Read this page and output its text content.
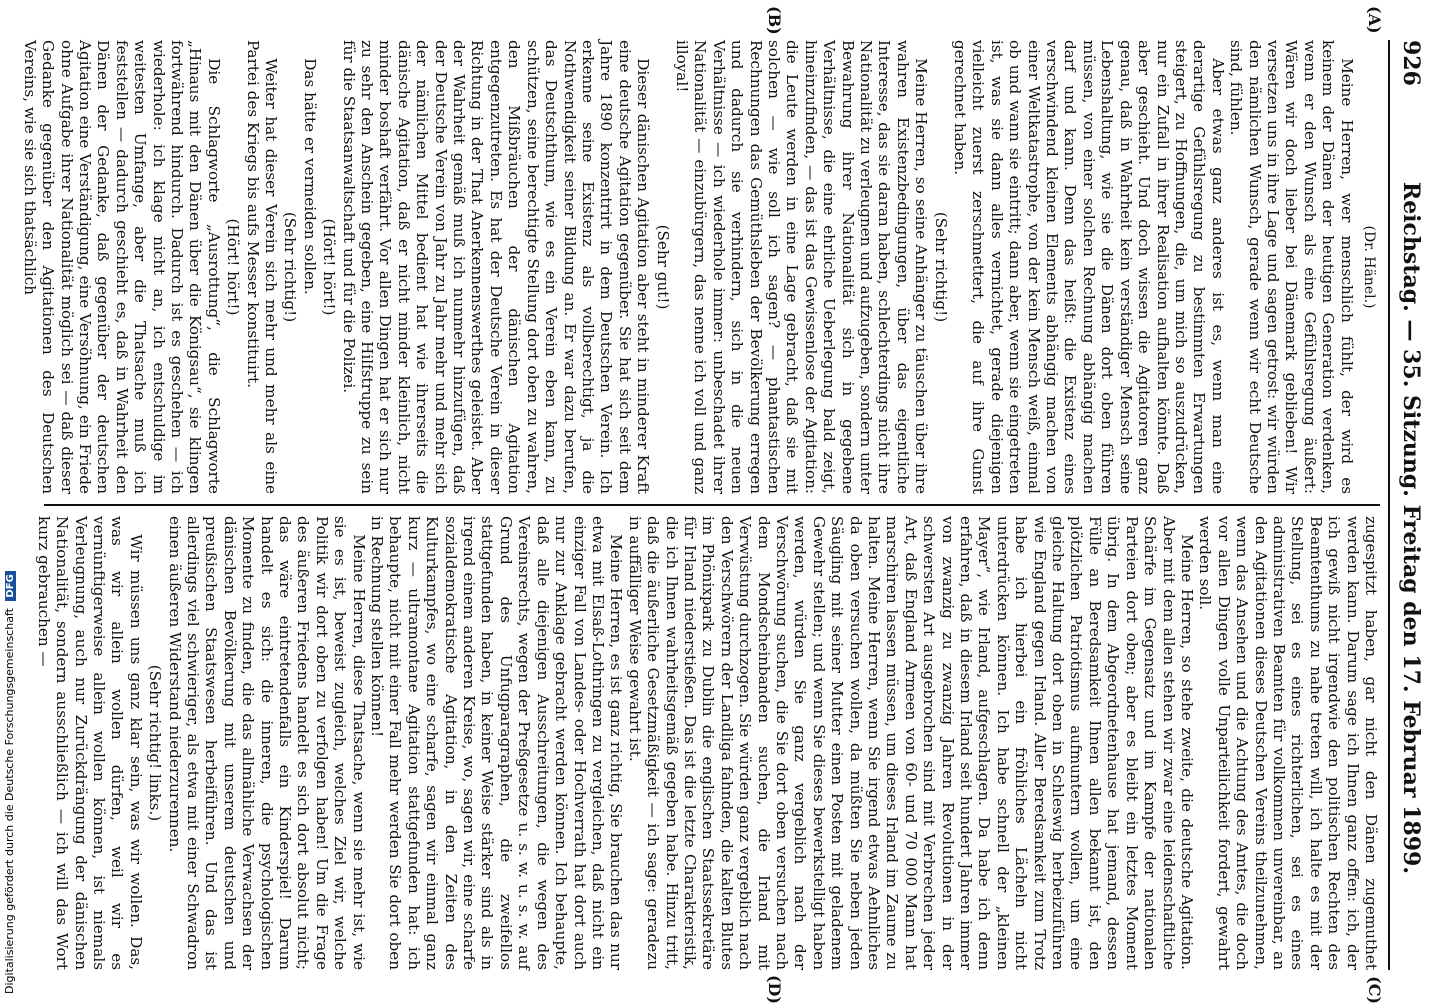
926
Reichstag. — 35. Sitzung. Freitag den 17. Februar 1899.
(Dr. Hänel.)

Meine Herren, wer menschlich fühlt, der wird es keinem der Dänen der heutigen Generation verdenken, wenn er den Wunsch als eine Gefühlsregung äußert: Wären wir doch lieber bei Dänemark geblieben! Wir versetzen uns in ihre Lage und sagen getrost: wir würden den nämlichen Wunsch, gerade wenn wir echt Deutsche sind, fühlen.

Aber etwas ganz anderes ist es, wenn man eine derartige Gefühlsregung zu bestimmten Erwartungen steigert, zu Hoffnungen, die, um mich so auszudrücken, nur ein Zufall in ihrer Realisation aufhalten könnte. Daß aber geschieht. Und doch wissen die Agitatoren ganz genau, daß in Wahrheit kein verständiger Mensch seine Lebenshaltung, wie sie die Dänen dort oben führen müssen, von einer solchen Rechnung abhängig machen darf und kann. Denn das heißt: die Existenz eines verschwindend kleinen Elements abhängig machen von einer Weltkatastrophe, von der kein Mensch weiß, einmal ob und wann sie eintritt; dann aber, wenn sie eingetreten ist, was sie dann alles vernichtet, gerade diejenigen vielleicht zuerst zerschmettert, die auf ihre Gunst gerechnet haben.

(Sehr richtig!)

Meine Herren, so seine Anhänger zu täuschen über ihre wahren Existenzbedingungen, über das eigentliche Interesse, das sie daran haben, schlechterdings nicht ihre Nationalität zu verleugnen und aufzugeben, sondern unter Bewahrung ihrer Nationalität sich in gegebene Verhältnisse, die eine ehrliche Ueberlegung bald zeigt, hineinzufinden, — das ist das Gewissenlose der Agitation: die Leute werden in eine Lage gebracht, daß sie mit solchen — wie soll ich sagen? — phantastischen Rechnungen das Gemüthsleben der Bevölkerung erregen und dadurch sie verhindern, sich in die neuen Verhältnisse — ich wiederhole immer: unbeschadet ihrer Nationalität — einzubürgern, das nenne ich voll und ganz illoyal!

(Sehr gut!)

Dieser dänischen Agitation aber steht in minderer Kraft eine deutsche Agitation gegenüber. Sie hat sich seit dem Jahre 1890 konzentrirt in dem Deutschen Verein. Ich erkenne seine Existenz als vollberechtigt, ja die Nothwendigkeit seiner Bildung an. Er war dazu berufen, das Deutschthum, wie es ein Verein eben kann, zu schützen, seine berechtigte Stellung dort oben zu wahren, den Mißbräuchen der dänischen Agitation entgegenzutreten. Es hat der Deutsche Verein in dieser Richtung in der That Anerkennenswerthes geleistet. Aber der Wahrheit gemäß muß ich nunmehr hinzufügen, daß der Deutsche Verein von Jahr zu Jahr mehr und mehr sich der nämlichen Mittel bedient hat wie ihrerseits die dänische Agitation, daß er nicht minder kleinlich, nicht minder boshaft verfährt. Vor allen Dingen hat er sich nur zu sehr den Anschein gegeben, eine Hilfstruppe zu sein für die Staatsanwaltschaft und für die Polizei.

(Hört! hört!)

Das hätte er vermeiden sollen.

(Sehr richtig!)

Weiter hat dieser Verein sich mehr und mehr als eine Partei des Kriegs bis aufs Messer konstituirt.

(Hört! hört!)

Die Schlagworte „Ausrottung“, die Schlagworte „Hinaus mit den Dänen über die Königsau“, sie klingen fortwährend hindurch. Dadurch ist es geschehen — ich wiederhole: ich klage nicht an, ich entschuldige im weitesten Umfange, aber die Thatsache muß ich feststellen — dadurch geschieht es, daß in Wahrheit den Dänen der Gedanke, daß gegenüber der deutschen Agitation eine Verständigung, eine Versöhnung, ein Friede ohne Aufgabe ihrer Nationalität möglich sei — daß dieser Gedanke gegenüber den Agitationen des Deutschen Vereins, wie sie sich thatsächlich

zugespitzt haben, gar nicht den Dänen zugemuthet werden kann. Darum sage ich Ihnen ganz offen: ich, der ich gewiß nicht irgendwie den politischen Rechten des Beamtenthums zu nahe treten will, ich halte es mit der Stellung, sei es eines richterlichen, sei es eines administrativen Beamten für vollkommen unvereinbar, an den Agitationen dieses Deutschen Vereins theilzunehmen, wenn das Ansehen und die Achtung des Amtes, die doch vor allen Dingen volle Unparteilichkeit fordert, gewahrt werden soll.

Meine Herren, so stehe zweite, die deutsche Agitation. Aber mit dem allen stehen wir zwar eine leidenschaftliche Schärfe im Gegensatz und im Kampfe der nationalen Parteien dort oben; aber es bleibt ein letztes Moment übrig. In dem Abgeordnetenhause hat jemand, dessen Fülle an Beredsamkeit Ihnen allen bekannt ist, den plötzlichen Patriotismus aufmuntern wollen, um eine gleiche Haltung dort oben in Schleswig herbeizuführen wie England gegen Irland. Aller Beredsamkeit zum Trotz habe ich hierbei ein fröhliches Lächeln nicht unterdrücken können. Ich habe schnell der „kleinen Mayer“, wie Irland, aufgeschlagen. Da habe ich denn erfahren, daß in diesem Irland seit hundert Jahren immer von zwanzig zu zwanzig Jahren Revolutionen in der schwersten Art ausgebrochen sind mit Verbrechen jeder Art, daß England Armeen von 60- und 70 000 Mann hat marschiren lassen müssen, um dieses Irland im Zaume zu halten. Meine Herren, wenn Sie irgend etwas Aehnliches da oben versuchen wollen, da müßten Sie neben jeden Säugling mit seiner Mutter einen Posten mit geladenem Gewehr stellen; und wenn Sie dieses bewerkstelligt haben werden, würden Sie ganz vergeblich nach der Verschwörung suchen, die Sie dort oben versuchen nach dem Mondscheinbanden suchen, die Irland mit Verwüstung durchzogen. Sie würden ganz vergeblich nach den Verschwörern der Landliga fahnden, die kalten Blutes im Phönixpark zu Dublin die englischen Staatssekretäre für Irland niederstießen. Das ist die letzte Charakteristik, die ich Ihnen wahrheitsgemäß gegeben habe. Hinzu tritt, daß die äußerliche Gesetzmäßigkeit — ich sage: geradezu in auffälliger Weise gewahrt ist.

Meine Herren, es ist ganz richtig, Sie brauchen das nur etwa mit Elsaß-Lothringen zu vergleichen, daß nicht ein einziger Fall von Landes- oder Hochverrath hat dort auch nur zur Anklage gebracht werden können. Ich behaupte, daß alle diejenigen Ausschreitungen, die wegen des Vereinsrechts, wegen der Preßgesetze u. s. w. u. s. w. auf Grund des Unfugparagraphen, die zweifellos stattgefunden haben, in keiner Weise stärker sind als in irgend einem anderen Kreise, wo, sagen wir, eine scharfe sozialdemokratische Agitation, in den Zeiten des Kulturkampfes, wo eine scharfe, sagen wir einmal ganz kurz — ultramontane Agitation stattgefunden hat: ich behaupte, nicht mit einer Fall mehr werden Sie dort oben in Rechnung stellen können!

Meine Herren, diese Thatsache, wenn sie mehr ist, wie sie es ist, beweist zugleich, welches Ziel wir, welche Politik wir dort oben zu verfolgen haben! Um die Frage des äußeren Friedens handelt es sich dort absolut nicht; das wäre eintretendenfalls ein Kinderspiel! Darum handelt es sich: die inneren, die psychologischen Momente zu finden, die das allmähliche Verwachsen der dänischen Bevölkerung mit unserem deutschen und preußischen Staatswesen herbeiführen. Und das ist allerdings viel schwieriger, als etwa mit einer Schwadron einen äußeren Widerstand niederzurennen.

(Sehr richtig! links.)

Wir müssen uns ganz klar sein, was wir wollen. Das, was wir allein wollen dürfen, weil wir es vernünftigerweise allein wollen können, ist niemals Verleugnung, auch nur Zurückdrängung der dänischen Nationalität, sondern ausschließlich — ich will das Wort kurz gebrauchen —

(A)
(B)
(C)
(D)
Digitalisierung gefördert durch die Deutsche Forschungsgemeinschaft DFG
